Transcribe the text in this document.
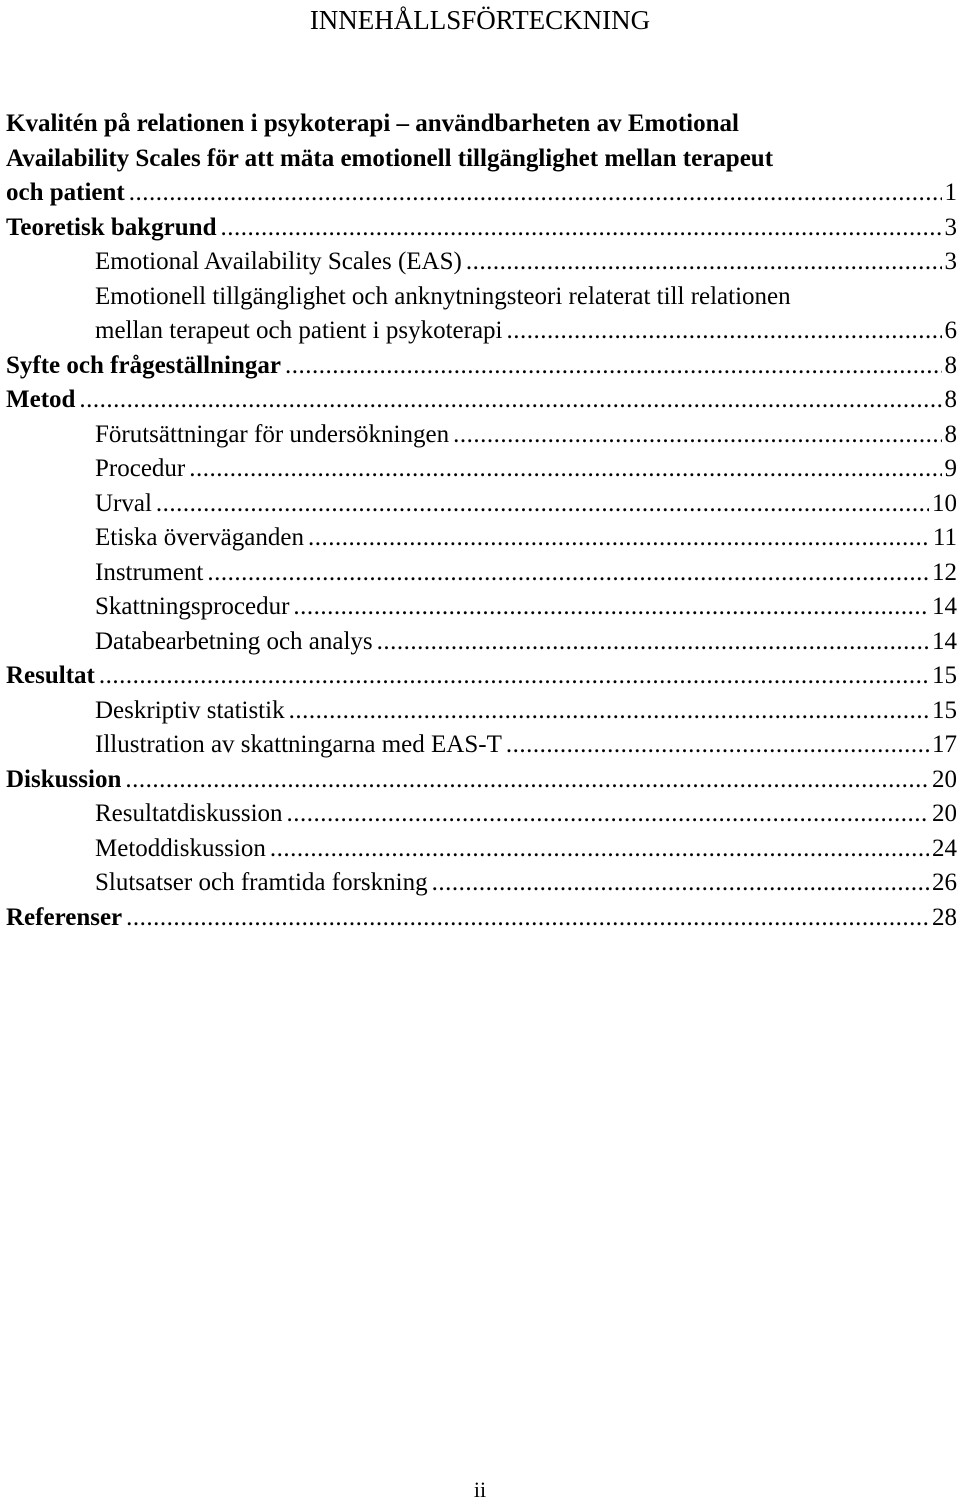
INNEHÅLLSFÖRTECKNING
Kvalitén på relationen i psykoterapi – användbarheten av Emotional
Availability Scales för att mäta emotionell tillgänglighet mellan terapeut
och patient .....	1
Teoretisk bakgrund .....	3
Emotional Availability Scales (EAS) .....	3
Emotionell tillgänglighet och anknytningsteori relaterat till relationen
mellan terapeut och patient i psykoterapi .....	6
Syfte och frågeställningar .....	8
Metod .....	8
Förutsättningar för undersökningen .....	8
Procedur .....	9
Urval .....	10
Etiska överväganden .....	11
Instrument .....	12
Skattningsprocedur .....	14
Databearbetning och analys .....	14
Resultat .....	15
Deskriptiv statistik .....	15
Illustration av skattningarna med EAS-T .....	17
Diskussion .....	20
Resultatdiskussion .....	20
Metoddiskussion .....	24
Slutsatser och framtida forskning .....	26
Referenser .....	28
ii
